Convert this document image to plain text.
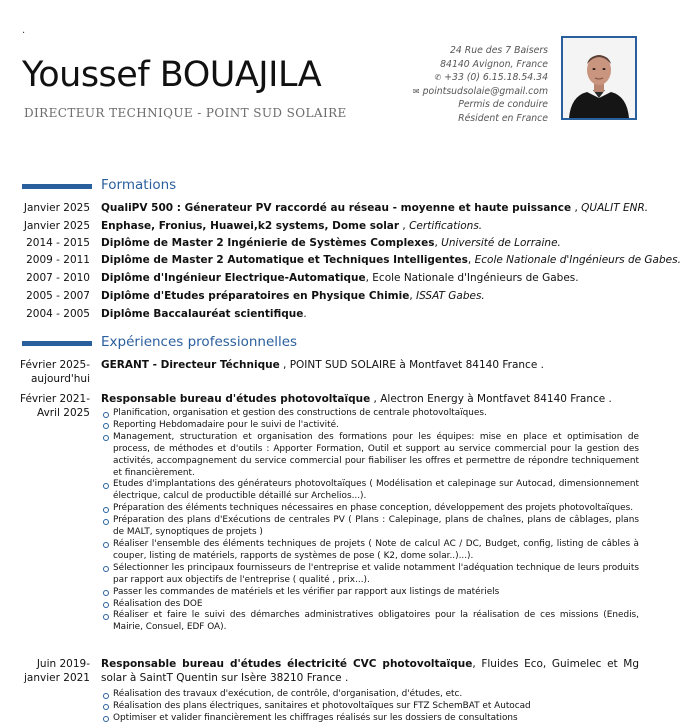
.
Youssef BOUAJILA
DIRECTEUR TECHNIQUE - POINT SUD SOLAIRE
24 Rue des 7 Baisers
84140 Avignon, France
✆ +33 (0) 6.15.18.54.34
✉ pointsudsolaie@gmail.com
Permis de conduire
Résident en France
Formations
Janvier 2025 QualiPV 500 : Génerateur PV raccordé au réseau - moyenne et haute puissance , QUALIT ENR.
Janvier 2025 Enphase, Fronius, Huawei,k2 systems, Dome solar , Certifications.
2014 - 2015 Diplôme de Master 2 Ingénierie de Systèmes Complexes, Université de Lorraine.
2009 - 2011 Diplôme de Master 2 Automatique et Techniques Intelligentes, Ecole Nationale d'Ingénieurs de Gabes.
2007 - 2010 Diplôme d'Ingénieur Electrique-Automatique, Ecole Nationale d'Ingénieurs de Gabes.
2005 - 2007 Diplôme d'Etudes préparatoires en Physique Chimie, ISSAT Gabes.
2004 - 2005 Diplôme Baccalauréat scientifique.
Expériences professionnelles
Février 2025- GERANT - Directeur Téchnique , POINT SUD SOLAIRE à Montfavet 84140 France .
aujourd'hui
Février 2021- Responsable bureau d'études photovoltaïque , Alectron Energy à Montfavet 84140 France .
Avril 2025	Planification, organisation et gestion des constructions de centrale photovoltaïques.
Reporting Hebdomadaire pour le suivi de l'activité.
Management, structuration et organisation des formations pour les équipes: mise en place et optimisation de process, de méthodes et d'outils : Apporter Formation, Outil et support au service commercial pour la gestion des activités, accompagnement du service commercial pour fiabiliser les offres et permettre de répondre techniquement et financièrement.
Etudes d'implantations des générateurs photovoltaïques ( Modélisation et calepinage sur Autocad, dimensionnement électrique, calcul de productible détaillé sur Archelios...).
Préparation des éléments techniques nécessaires en phase conception, développement des projets photovoltaïques.
Préparation des plans d'Exécutions de centrales PV ( Plans : Calepinage, plans de chaînes, plans de câblages, plans de MALT, synoptiques de projets )
Réaliser l'ensemble des éléments techniques de projets ( Note de calcul AC / DC, Budget, config, listing de câbles à couper, listing de matériels, rapports de systèmes de pose ( K2, dome solar..)...).
Sélectionner les principaux fournisseurs de l'entreprise et valide notamment l'adéquation technique de leurs produits par rapport aux objectifs de l'entreprise ( qualité , prix...).
Passer les commandes de matériels et les vérifier par rapport aux listings de matériels
Réalisation des DOE
Réaliser et faire le suivi des démarches administratives obligatoires pour la réalisation de ces missions (Enedis, Mairie, Consuel, EDF OA).
Juin 2019- Responsable bureau d'études électricité CVC photovoltaïque, Fluides Eco, Guimelec et Mg solar à SaintT Quentin sur Isère 38210 France .
janvier 2021
Réalisation des travaux d'exécution, de contrôle, d'organisation, d'études, etc.
Réalisation des plans électriques, sanitaires et photovoltaïques sur FTZ SchemBAT et Autocad
Optimiser et valider financièrement les chiffrages réalisés sur les dossiers de consultations
